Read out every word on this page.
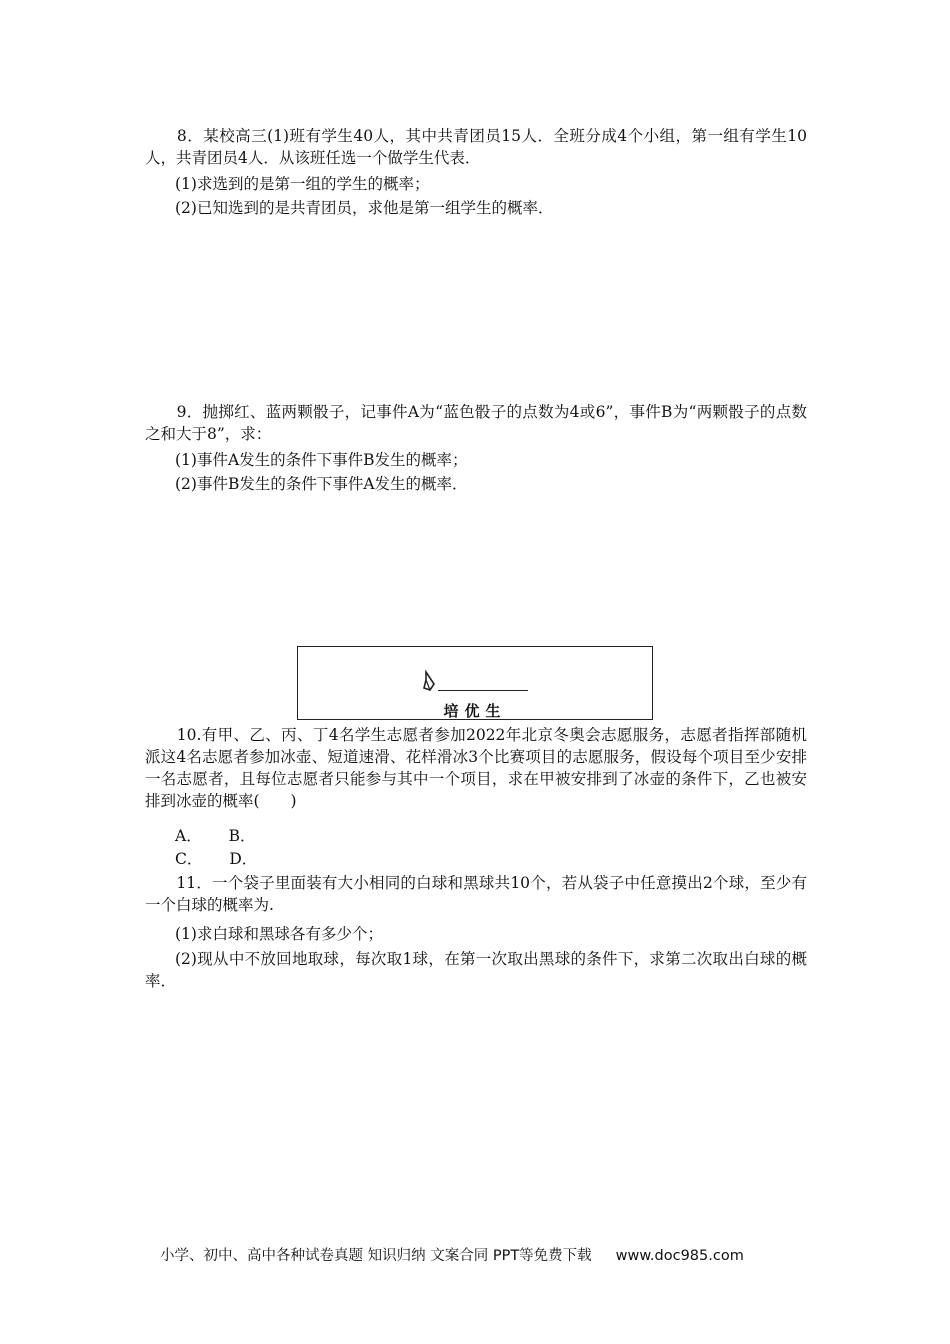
　　8．某校高三(1)班有学生40人，其中共青团员15人．全班分成4个小组，第一组有学生10人，共青团员4人．从该班任选一个做学生代表．
(1)求选到的是第一组的学生的概率；
(2)已知选到的是共青团员，求他是第一组学生的概率．
　　9．抛掷红、蓝两颗骰子，记事件A为“蓝色骰子的点数为4或6”，事件B为“两颗骰子的点数之和大于8”，求：
(1)事件A发生的条件下事件B发生的概率；
(2)事件B发生的条件下事件A发生的概率．
培优生
　　10.有甲、乙、丙、丁4名学生志愿者参加2022年北京冬奥会志愿服务，志愿者指挥部随机派这4名志愿者参加冰壶、短道速滑、花样滑冰3个比赛项目的志愿服务，假设每个项目至少安排一名志愿者，且每位志愿者只能参与其中一个项目，求在甲被安排到了冰壶的条件下，乙也被安排到冰壶的概率(　　)
A． B．
C． D．
　　11．一个袋子里面装有大小相同的白球和黑球共10个，若从袋子中任意摸出2个球，至少有一个白球的概率为.
(1)求白球和黑球各有多少个；
(2)现从中不放回地取球，每次取1球，在第一次取出黑球的条件下，求第二次取出白球的概率．
小学、初中、高中各种试卷真题 知识归纳 文案合同 PPT等免费下载 www.doc985.com
